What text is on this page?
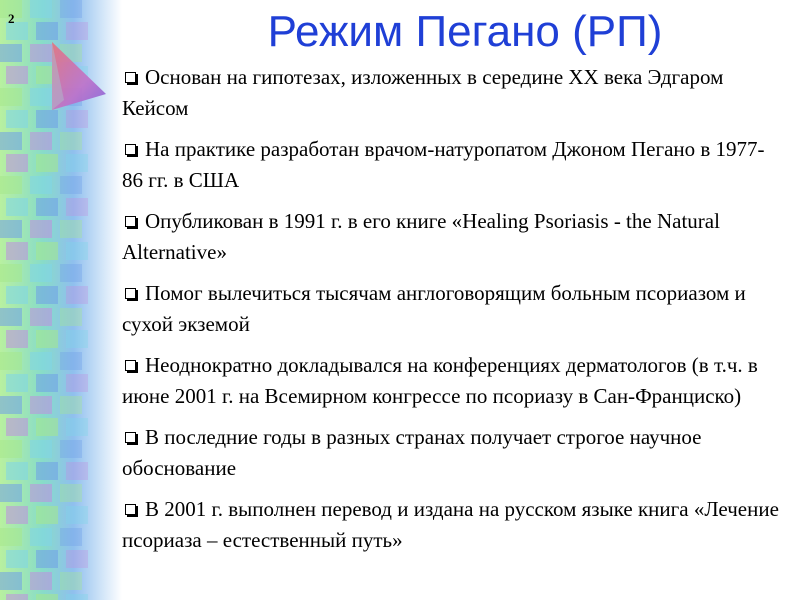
2	Режим Пегано (РП)
Основан на гипотезах, изложенных в середине XX века Эдгаром Кейсом
На практике разработан врачом-натуропатом Джоном Пегано в 1977-86 гг. в США
Опубликован в 1991 г. в его книге «Healing Psoriasis - the Natural Alternative»
Помог вылечиться тысячам англоговорящим больным псориазом и сухой экземой
Неоднократно докладывался на конференциях дерматологов (в т.ч. в июне 2001 г. на Всемирном конгрессе по псориазу в Сан-Франциско)
В последние годы в разных странах получает строгое научное обоснование
В 2001 г. выполнен перевод и издана на русском языке книга «Лечение псориаза – естественный путь»
